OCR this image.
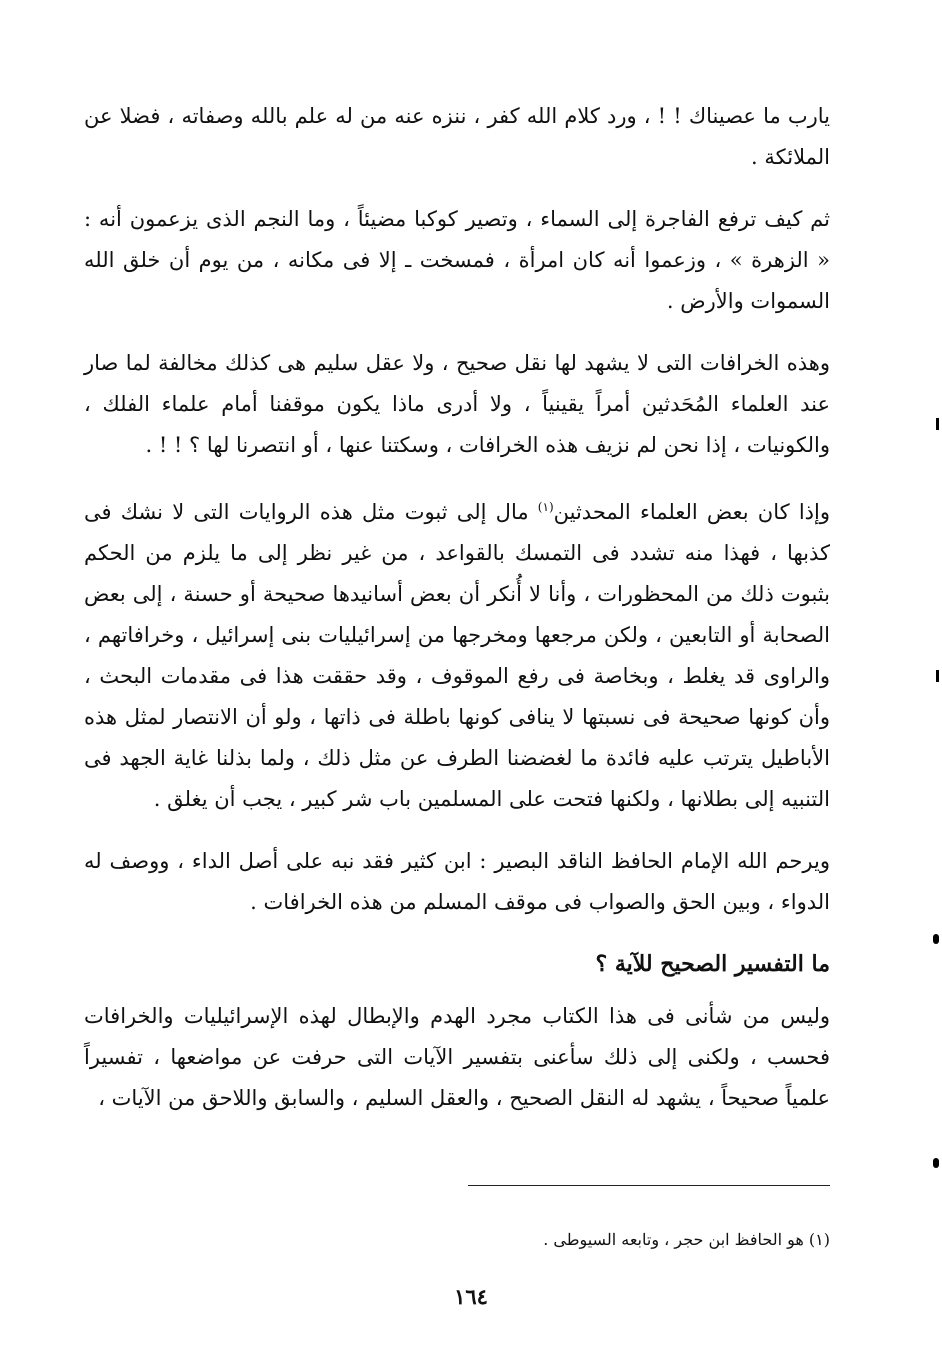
يارب ما عصيناك ! ! ، ورد كلام الله كفر ، ننزه عنه من له علم بالله وصفاته ، فضلا عن الملائكة .

ثم كيف ترفع الفاجرة إلى السماء ، وتصير كوكبا مضيئاً ، وما النجم الذى يزعمون أنه : « الزهرة » ، وزعموا أنه كان امرأة ، فمسخت ـ إلا فى مكانه ، من يوم أن خلق الله السموات والأرض .

وهذه الخرافات التى لا يشهد لها نقل صحيح ، ولا عقل سليم هى كذلك مخالفة لما صار عند العلماء المُحَدثين أمراً يقينياً ، ولا أدرى ماذا يكون موقفنا أمام علماء الفلك ، والكونيات ، إذا نحن لم نزيف هذه الخرافات ، وسكتنا عنها ، أو انتصرنا لها ؟ ! ! .

وإذا كان بعض العلماء المحدثين$^{(١)}$ مال إلى ثبوت مثل هذه الروايات التى لا نشك فى كذبها ، فهذا منه تشدد فى التمسك بالقواعد ، من غير نظر إلى ما يلزم من الحكم بثبوت ذلك من المحظورات ، وأنا لا أُنكر أن بعض أسانيدها صحيحة أو حسنة ، إلى بعض الصحابة أو التابعين ، ولكن مرجعها ومخرجها من إسرائيليات بنى إسرائيل ، وخرافاتهم ، والراوى قد يغلط ، وبخاصة فى رفع الموقوف ، وقد حققت هذا فى مقدمات البحث ، وأن كونها صحيحة فى نسبتها لا ينافى كونها باطلة فى ذاتها ، ولو أن الانتصار لمثل هذه الأباطيل يترتب عليه فائدة ما لغضضنا الطرف عن مثل ذلك ، ولما بذلنا غاية الجهد فى التنبيه إلى بطلانها ، ولكنها فتحت على المسلمين باب شر كبير ، يجب أن يغلق .

ويرحم الله الإمام الحافظ الناقد البصير : ابن كثير فقد نبه على أصل الداء ، ووصف له الدواء ، وبين الحق والصواب فى موقف المسلم من هذه الخرافات .

ما التفسير الصحيح للآية ؟

وليس من شأنى فى هذا الكتاب مجرد الهدم والإبطال لهذه الإسرائيليات والخرافات فحسب ، ولكنى إلى ذلك سأعنى بتفسير الآيات التى حرفت عن مواضعها ، تفسيراً علمياً صحيحاً ، يشهد له النقل الصحيح ، والعقل السليم ، والسابق واللاحق من الآيات ،

(١) هو الحافظ ابن حجر ، وتابعه السيوطى .
١٦٤
